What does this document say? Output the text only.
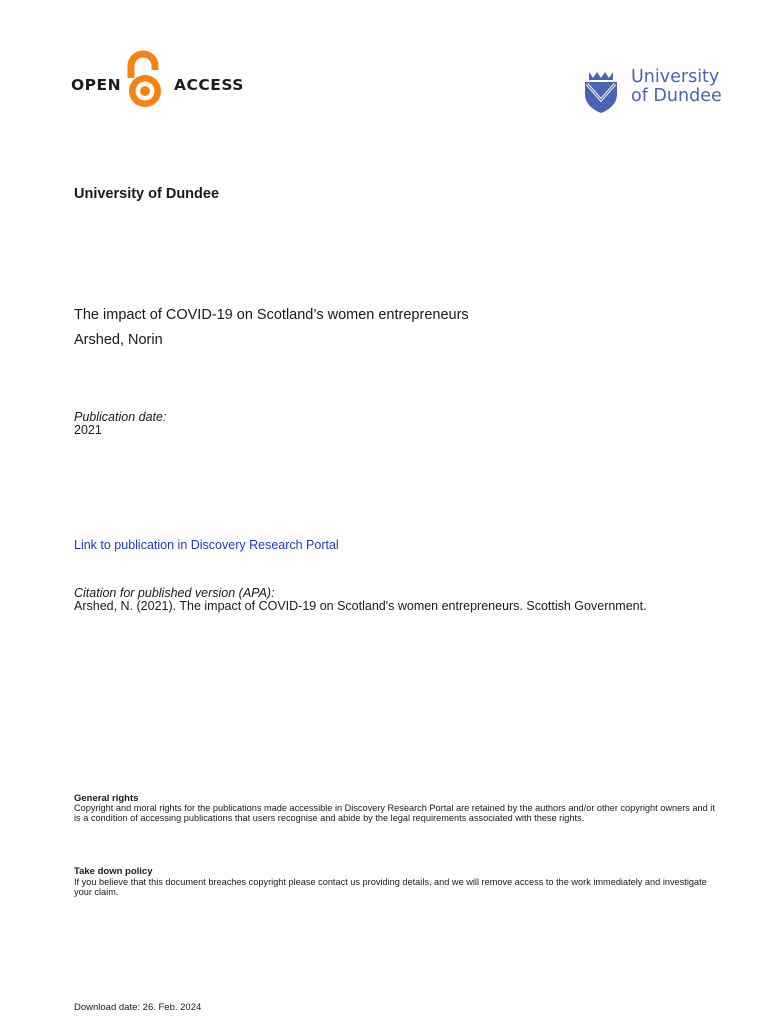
OPEN	ACCESS	University
of Dundee
University of Dundee
The impact of COVID-19 on Scotland’s women entrepreneurs
Arshed, Norin
Publication date:
2021
Link to publication in Discovery Research Portal
Citation for published version (APA):
Arshed, N. (2021). The impact of COVID-19 on Scotland's women entrepreneurs. Scottish Government.
General rights
Copyright and moral rights for the publications made accessible in Discovery Research Portal are retained by the authors and/or other copyright owners and it is a condition of accessing publications that users recognise and abide by the legal requirements associated with these rights.
Take down policy
If you believe that this document breaches copyright please contact us providing details, and we will remove access to the work immediately and investigate your claim.
Download date: 26. Feb. 2024
